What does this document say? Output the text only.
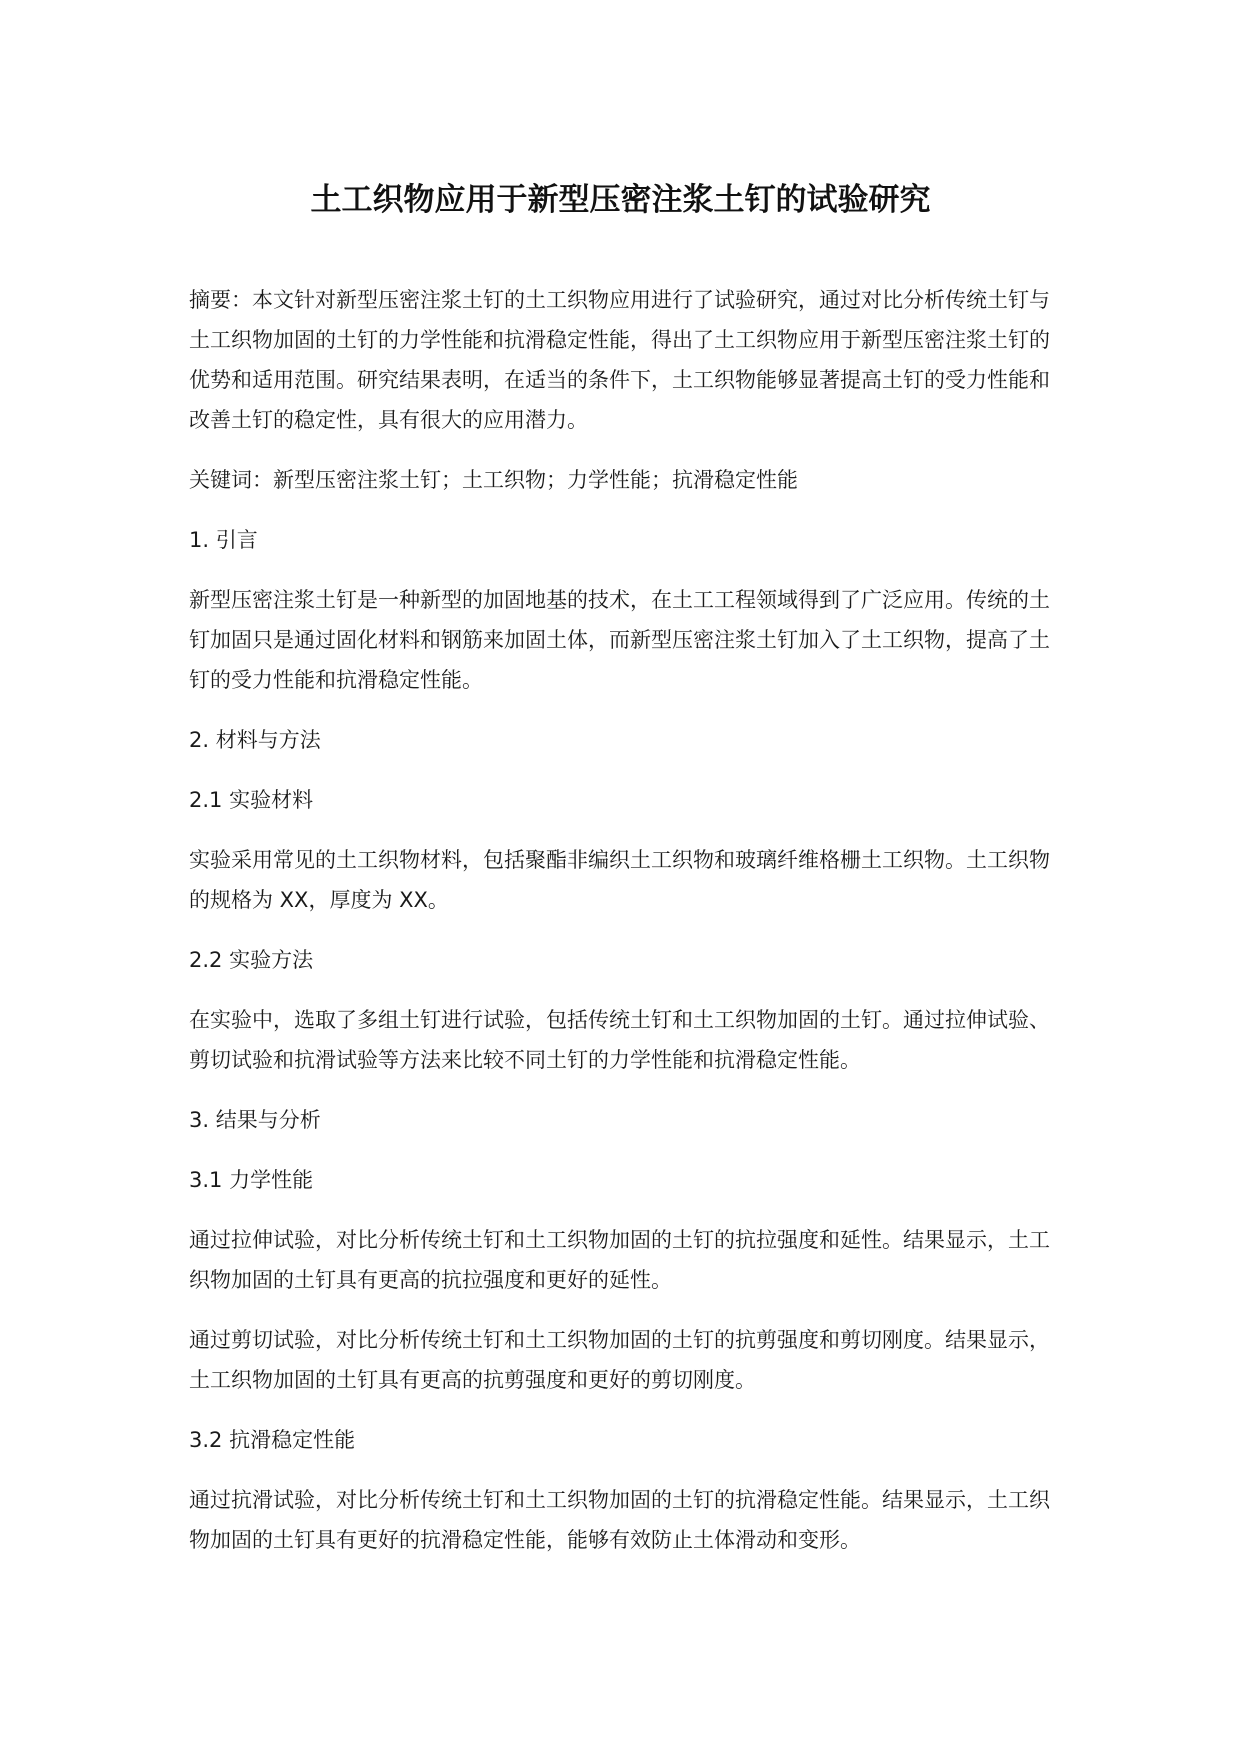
土工织物应用于新型压密注浆土钉的试验研究

摘要：本文针对新型压密注浆土钉的土工织物应用进行了试验研究，通过对比分析传统土钉与土工织物加固的土钉的力学性能和抗滑稳定性能，得出了土工织物应用于新型压密注浆土钉的优势和适用范围。研究结果表明，在适当的条件下，土工织物能够显著提高土钉的受力性能和改善土钉的稳定性，具有很大的应用潜力。

关键词：新型压密注浆土钉；土工织物；力学性能；抗滑稳定性能

1. 引言

新型压密注浆土钉是一种新型的加固地基的技术，在土工工程领域得到了广泛应用。传统的土钉加固只是通过固化材料和钢筋来加固土体，而新型压密注浆土钉加入了土工织物，提高了土钉的受力性能和抗滑稳定性能。

2. 材料与方法

2.1 实验材料

实验采用常见的土工织物材料，包括聚酯非编织土工织物和玻璃纤维格栅土工织物。土工织物的规格为 XX，厚度为 XX。

2.2 实验方法

在实验中，选取了多组土钉进行试验，包括传统土钉和土工织物加固的土钉。通过拉伸试验、剪切试验和抗滑试验等方法来比较不同土钉的力学性能和抗滑稳定性能。

3. 结果与分析

3.1 力学性能

通过拉伸试验，对比分析传统土钉和土工织物加固的土钉的抗拉强度和延性。结果显示，土工织物加固的土钉具有更高的抗拉强度和更好的延性。

通过剪切试验，对比分析传统土钉和土工织物加固的土钉的抗剪强度和剪切刚度。结果显示，土工织物加固的土钉具有更高的抗剪强度和更好的剪切刚度。

3.2 抗滑稳定性能

通过抗滑试验，对比分析传统土钉和土工织物加固的土钉的抗滑稳定性能。结果显示，土工织物加固的土钉具有更好的抗滑稳定性能，能够有效防止土体滑动和变形。
